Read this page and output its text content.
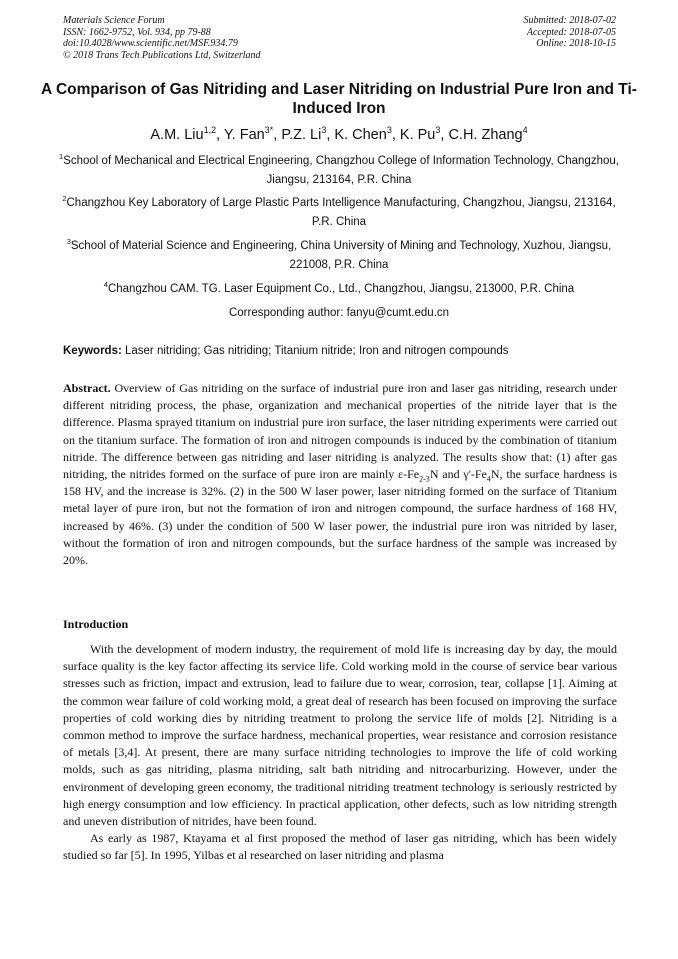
Materials Science Forum
ISSN: 1662-9752, Vol. 934, pp 79-88
doi:10.4028/www.scientific.net/MSF.934.79
© 2018 Trans Tech Publications Ltd, Switzerland
Submitted: 2018-07-02
Accepted: 2018-07-05
Online: 2018-10-15
A Comparison of Gas Nitriding and Laser Nitriding on Industrial Pure Iron and Ti-Induced Iron
A.M. Liu$^{1,2}$, Y. Fan$^{3*}$, P.Z. Li$^3$, K. Chen$^3$, K. Pu$^3$, C.H. Zhang$^4$
$^1$School of Mechanical and Electrical Engineering, Changzhou College of Information Technology, Changzhou, Jiangsu, 213164, P.R. China
$^2$Changzhou Key Laboratory of Large Plastic Parts Intelligence Manufacturing, Changzhou, Jiangsu, 213164, P.R. China
$^3$School of Material Science and Engineering, China University of Mining and Technology, Xuzhou, Jiangsu, 221008, P.R. China
$^4$Changzhou CAM. TG. Laser Equipment Co., Ltd., Changzhou, Jiangsu, 213000, P.R. China
Corresponding author: fanyu@cumt.edu.cn
Keywords: Laser nitriding; Gas nitriding; Titanium nitride; Iron and nitrogen compounds
Abstract. Overview of Gas nitriding on the surface of industrial pure iron and laser gas nitriding, research under different nitriding process, the phase, organization and mechanical properties of the nitride layer that is the difference. Plasma sprayed titanium on industrial pure iron surface, the laser nitriding experiments were carried out on the titanium surface. The formation of iron and nitrogen compounds is induced by the combination of titanium nitride. The difference between gas nitriding and laser nitriding is analyzed. The results show that: (1) after gas nitriding, the nitrides formed on the surface of pure iron are mainly $\varepsilon-Fe_{2-3}N$ and $\gamma'-Fe_4N$, the surface hardness is 158 HV, and the increase is 32%. (2) in the 500 W laser power, laser nitriding formed on the surface of Titanium metal layer of pure iron, but not the formation of iron and nitrogen compound, the surface hardness of 168 HV, increased by 46%. (3) under the condition of 500 W laser power, the industrial pure iron was nitrided by laser, without the formation of iron and nitrogen compounds, but the surface hardness of the sample was increased by 20%.
Introduction

With the development of modern industry, the requirement of mold life is increasing day by day, the mould surface quality is the key factor affecting its service life. Cold working mold in the course of service bear various stresses such as friction, impact and extrusion, lead to failure due to wear, corrosion, tear, collapse [1]. Aiming at the common wear failure of cold working mold, a great deal of research has been focused on improving the surface properties of cold working dies by nitriding treatment to prolong the service life of molds [2]. Nitriding is a common method to improve the surface hardness, mechanical properties, wear resistance and corrosion resistance of metals [3,4]. At present, there are many surface nitriding technologies to improve the life of cold working molds, such as gas nitriding, plasma nitriding, salt bath nitriding and nitrocarburizing. However, under the environment of developing green economy, the traditional nitriding treatment technology is seriously restricted by high energy consumption and low efficiency. In practical application, other defects, such as low nitriding strength and uneven distribution of nitrides, have been found.

As early as 1987, Ktayama et al first proposed the method of laser gas nitriding, which has been widely studied so far [5]. In 1995, Yilbas et al researched on laser nitriding and plasma
